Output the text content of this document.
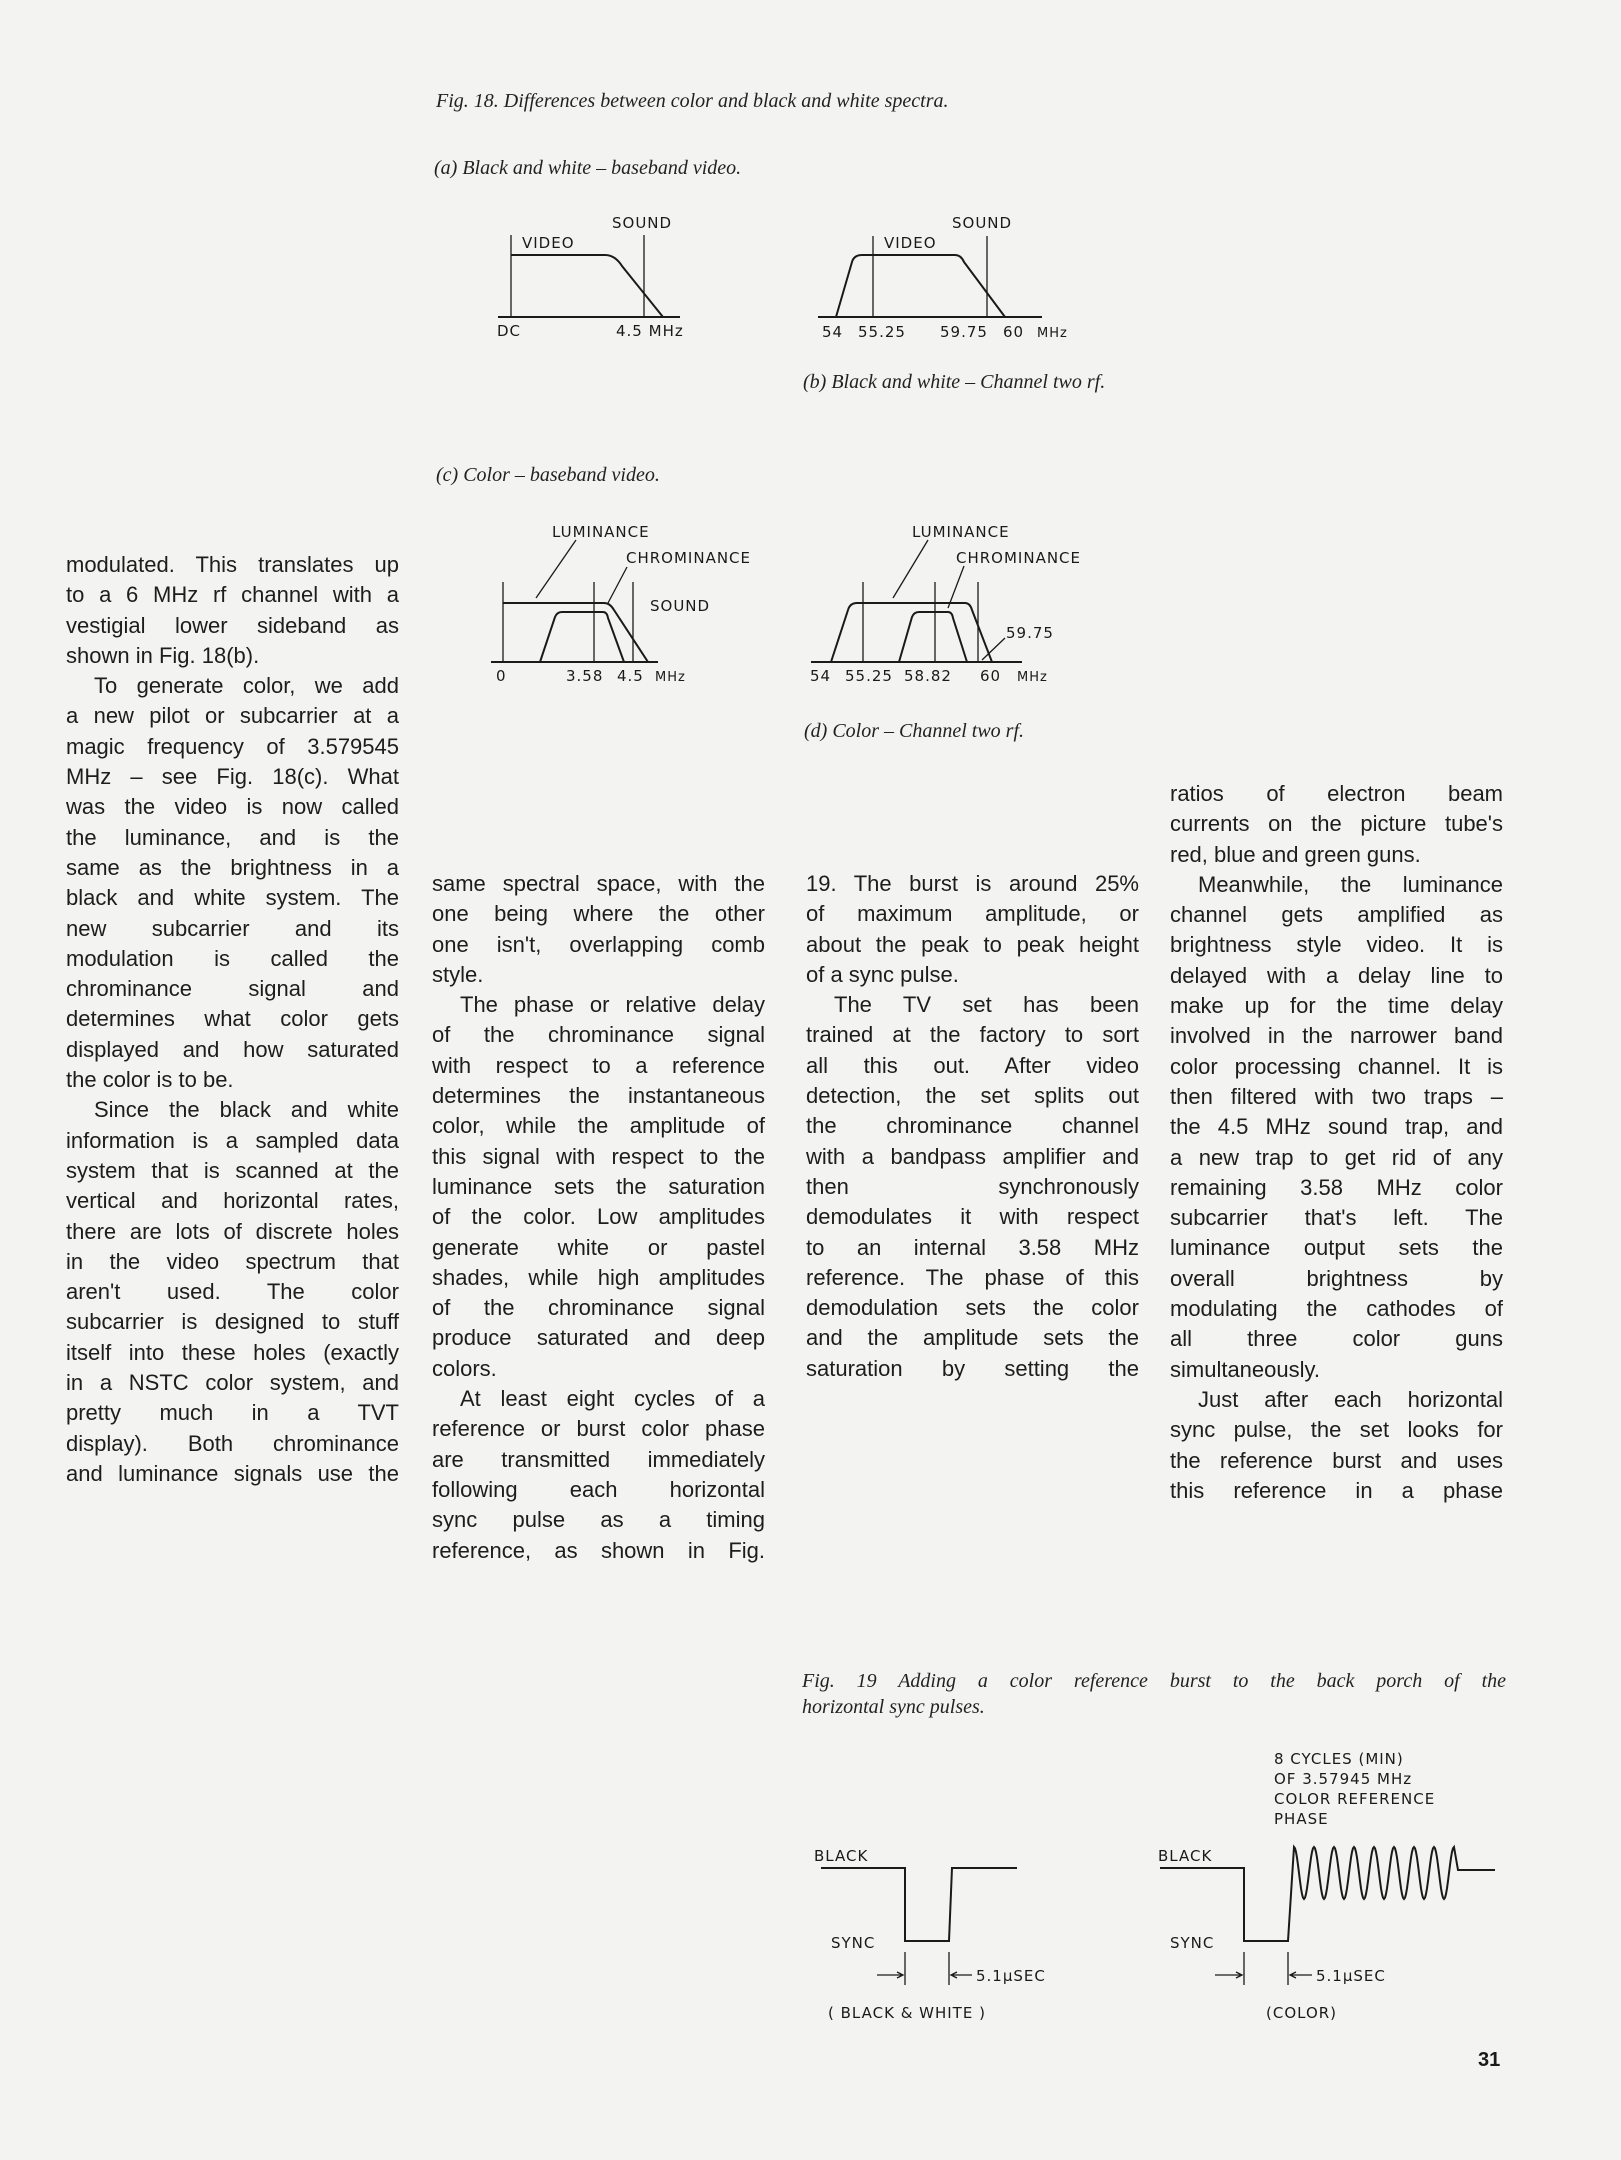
Fig. 18. Differences between color and black and white spectra.
(a) Black and white – baseband video.
(b) Black and white – Channel two rf.
(c) Color – baseband video.
(d) Color – Channel two rf.
Fig. 19 Adding a color reference burst to the back porch of the
horizontal sync pulses.
SOUND
VIDEO
DC	4.5 MHz
SOUND
VIDEO
54 55.25 59.75 60 MHz
LUMINANCE
CHROMINANCE
SOUND
0	3.58 4.5 MHz
LUMINANCE
CHROMINANCE
59.75
54 55.25 58.82 60 MHz
BLACK
SYNC
5.1μSEC
( BLACK & WHITE )
BLACK
SYNC
5.1μSEC
(COLOR)
8 CYCLES (MIN)
OF 3.57945 MHz
COLOR REFERENCE
PHASE
modulated. This translates up
to a 6 MHz rf channel with a
vestigial lower sideband as
shown in Fig. 18(b).
To generate color, we add
a new pilot or subcarrier at a
magic frequency of 3.579545
MHz – see Fig. 18(c). What
was the video is now called
the luminance, and is the
same as the brightness in a
black and white system. The
new subcarrier and its
modulation is called the
chrominance signal and
determines what color gets
displayed and how saturated
the color is to be.
Since the black and white
information is a sampled data
system that is scanned at the
vertical and horizontal rates,
there are lots of discrete holes
in the video spectrum that
aren't used. The color
subcarrier is designed to stuff
itself into these holes (exactly
in a NSTC color system, and
pretty much in a TVT
display). Both chrominance
and luminance signals use the
same spectral space, with the
one being where the other
one isn't, overlapping comb
style.
The phase or relative delay
of the chrominance signal
with respect to a reference
determines the instantaneous
color, while the amplitude of
this signal with respect to the
luminance sets the saturation
of the color. Low amplitudes
generate white or pastel
shades, while high amplitudes
of the chrominance signal
produce saturated and deep
colors.
At least eight cycles of a
reference or burst color phase
are transmitted immediately
following each horizontal
sync pulse as a timing
reference, as shown in Fig.
19. The burst is around 25%
of maximum amplitude, or
about the peak to peak height
of a sync pulse.
The TV set has been
trained at the factory to sort
all this out. After video
detection, the set splits out
the chrominance channel
with a bandpass amplifier and
then synchronously
demodulates it with respect
to an internal 3.58 MHz
reference. The phase of this
demodulation sets the color
and the amplitude sets the
saturation by setting the
ratios of electron beam
currents on the picture tube's
red, blue and green guns.
Meanwhile, the luminance
channel gets amplified as
brightness style video. It is
delayed with a delay line to
make up for the time delay
involved in the narrower band
color processing channel. It is
then filtered with two traps –
the 4.5 MHz sound trap, and
a new trap to get rid of any
remaining 3.58 MHz color
subcarrier that's left. The
luminance output sets the
overall brightness by
modulating the cathodes of
all three color guns
simultaneously.
Just after each horizontal
sync pulse, the set looks for
the reference burst and uses
this reference in a phase
31
